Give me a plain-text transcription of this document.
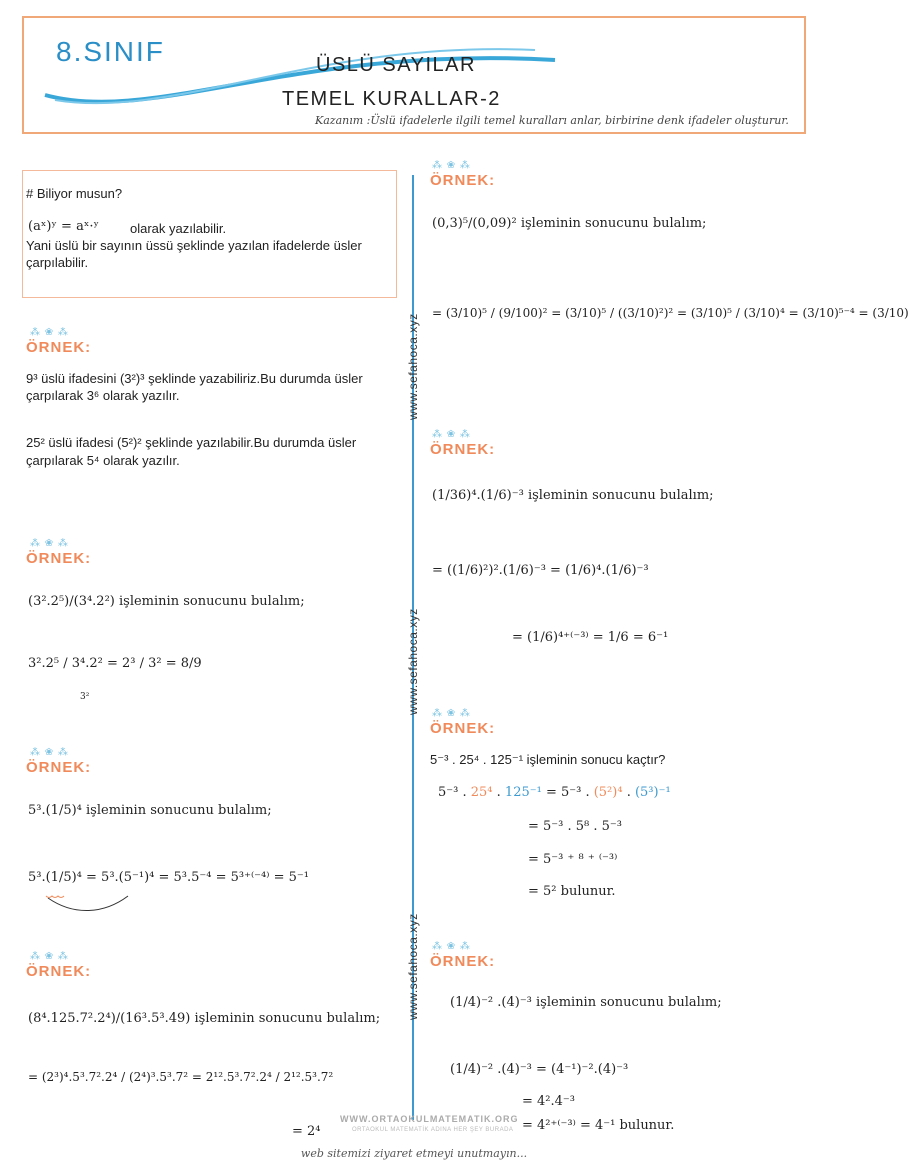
8.SINIF	ÜSLÜ SAYILAR
TEMEL KURALLAR-2
Kazanım :Üslü ifadelerle ilgili temel kuralları anlar, birbirine denk ifadeler oluşturur.
# Biliyor musun?
(aˣ)ʸ = aˣ·ʸ olarak yazılabilir.
Yani üslü bir sayının üssü şeklinde yazılan ifadelerde üsler
çarpılabilir.
www.sefahoca.xyz
www.sefahoca.xyz
www.sefahoca.xyz
⁂ ❀ ⁂
ÖRNEK:
9³ üslü ifadesini (3²)³ şeklinde yazabiliriz.Bu durumda üsler
çarpılarak 3⁶ olarak yazılır.
25² üslü ifadesi (5²)² şeklinde yazılabilir.Bu durumda üsler
çarpılarak 5⁴ olarak yazılır.
⁂ ❀ ⁂
ÖRNEK:
(3².2⁵)/(3⁴.2²) işleminin sonucunu bulalım;
3².2⁵ / 3⁴.2² = 2³ / 3² = 8/9
3²
⁂ ❀ ⁂
ÖRNEK:
5³.(1/5)⁴ işleminin sonucunu bulalım;
5³.(1/5)⁴ = 5³.(5⁻¹)⁴ = 5³.5⁻⁴ = 5³⁺⁽⁻⁴⁾ = 5⁻¹
⁂ ❀ ⁂
ÖRNEK:
(8⁴.125.7².2⁴)/(16³.5³.49) işleminin sonucunu bulalım;
= (2³)⁴.5³.7².2⁴ / (2⁴)³.5³.7² = 2¹².5³.7².2⁴ / 2¹².5³.7²
= 2⁴
⁂ ❀ ⁂
ÖRNEK:
(0,3)⁵/(0,09)² işleminin sonucunu bulalım;
= (3/10)⁵ / (9/100)² = (3/10)⁵ / ((3/10)²)² = (3/10)⁵ / (3/10)⁴ = (3/10)⁵⁻⁴ = (3/10)
⁂ ❀ ⁂
ÖRNEK:
(1/36)⁴.(1/6)⁻³ işleminin sonucunu bulalım;
= ((1/6)²)².(1/6)⁻³ = (1/6)⁴.(1/6)⁻³
= (1/6)⁴⁺⁽⁻³⁾ = 1/6 = 6⁻¹
⁂ ❀ ⁂
ÖRNEK:
5⁻³ . 25⁴ . 125⁻¹ işleminin sonucu kaçtır?
5⁻³ . 25⁴ . 125⁻¹ = 5⁻³ . (5²)⁴ . (5³)⁻¹
= 5⁻³ . 5⁸ . 5⁻³
= 5⁻³ ⁺ ⁸ ⁺ ⁽⁻³⁾
= 5² bulunur.
⁂ ❀ ⁂
ÖRNEK:
(1/4)⁻² .(4)⁻³ işleminin sonucunu bulalım;
(1/4)⁻² .(4)⁻³ = (4⁻¹)⁻².(4)⁻³
= 4².4⁻³
= 4²⁺⁽⁻³⁾ = 4⁻¹ bulunur.
WWW.ORTAOKULMATEMATIK.ORG
ORTAOKUL MATEMATİK ADINA HER ŞEY BURADA
web sitemizi ziyaret etmeyi unutmayın...
